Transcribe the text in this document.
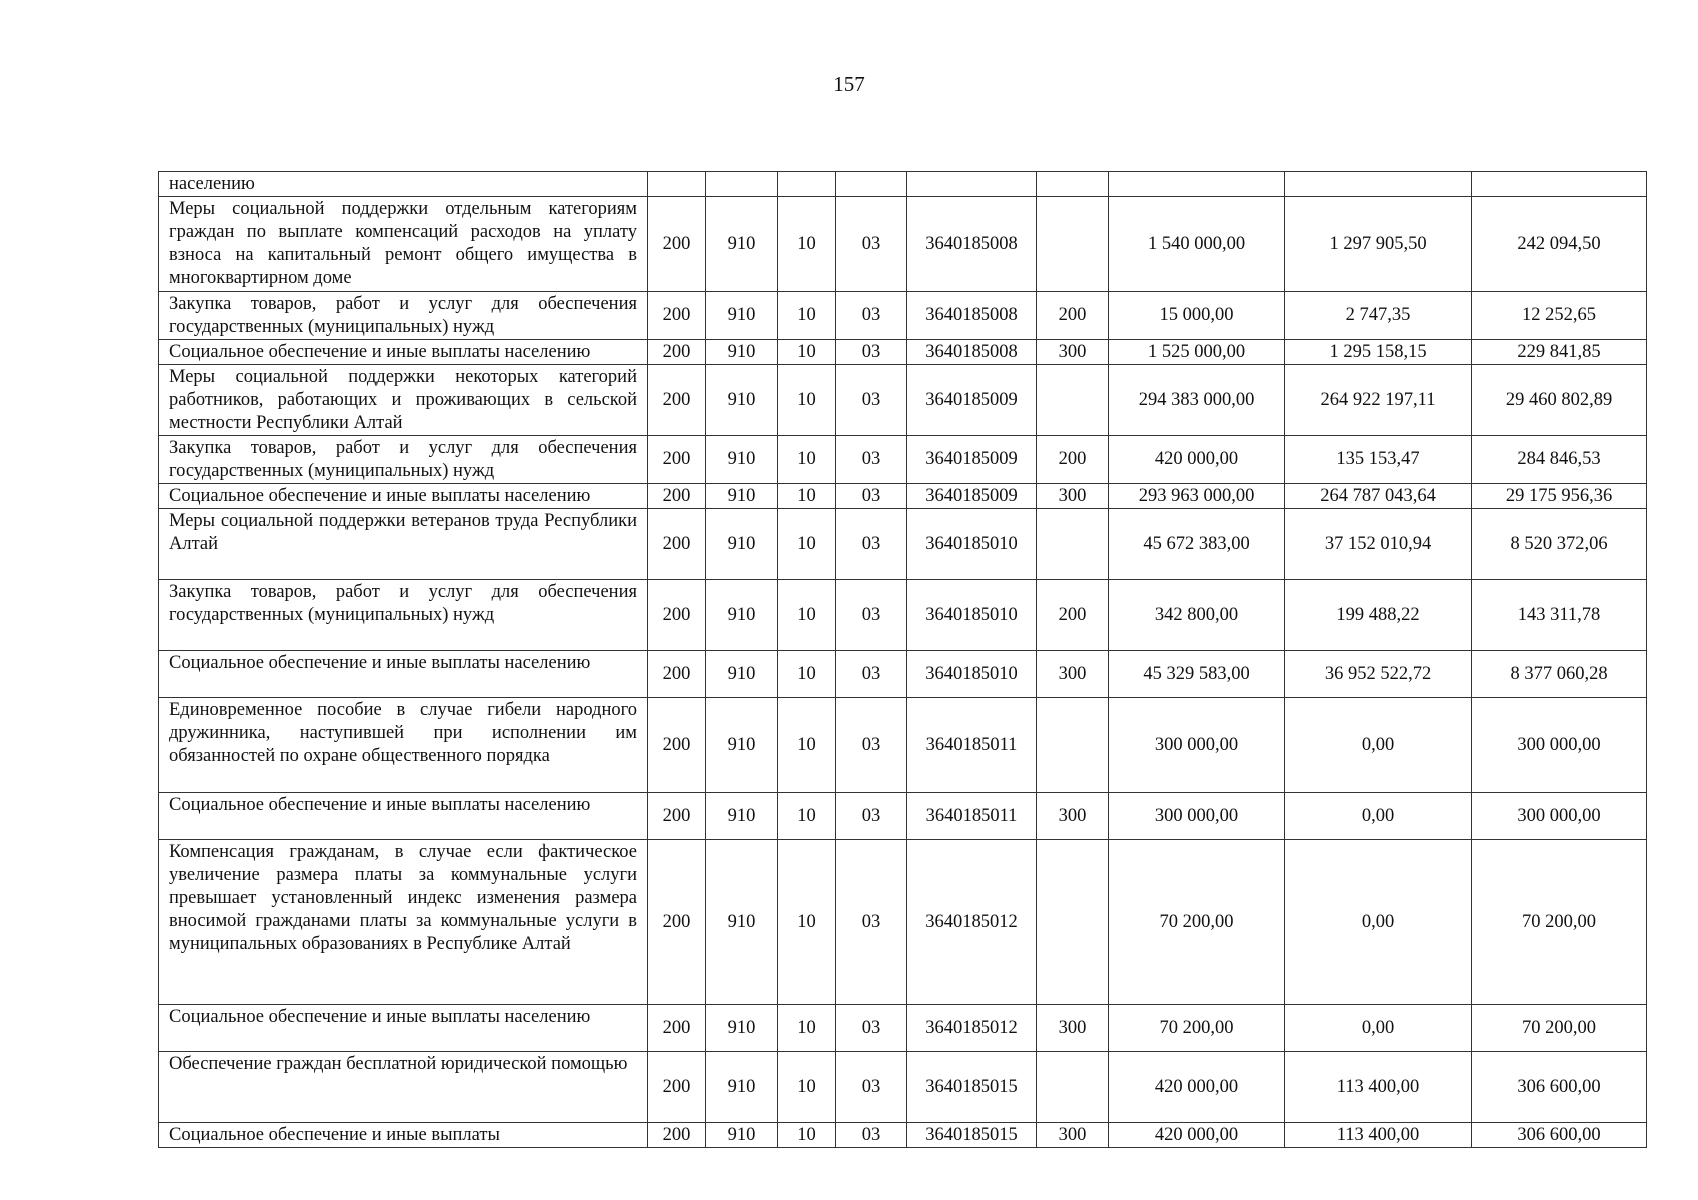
157
населению									
Меры социальной поддержки отдельным категориям граждан по выплате компенсаций расходов на уплату взноса на капитальный ремонт общего имущества в многоквартирном доме	200	910	10	03	3640185008		1 540 000,00	1 297 905,50	242 094,50
Закупка товаров, работ и услуг для обеспечения государственных (муниципальных) нужд	200	910	10	03	3640185008	200	15 000,00	2 747,35	12 252,65
Социальное обеспечение и иные выплаты населению	200	910	10	03	3640185008	300	1 525 000,00	1 295 158,15	229 841,85
Меры социальной поддержки некоторых категорий работников, работающих и проживающих в сельской местности Республики Алтай	200	910	10	03	3640185009		294 383 000,00	264 922 197,11	29 460 802,89
Закупка товаров, работ и услуг для обеспечения государственных (муниципальных) нужд	200	910	10	03	3640185009	200	420 000,00	135 153,47	284 846,53
Социальное обеспечение и иные выплаты населению	200	910	10	03	3640185009	300	293 963 000,00	264 787 043,64	29 175 956,36
Меры социальной поддержки ветеранов труда Республики Алтай	200	910	10	03	3640185010		45 672 383,00	37 152 010,94	8 520 372,06
Закупка товаров, работ и услуг для обеспечения государственных (муниципальных) нужд	200	910	10	03	3640185010	200	342 800,00	199 488,22	143 311,78
Социальное обеспечение и иные выплаты населению	200	910	10	03	3640185010	300	45 329 583,00	36 952 522,72	8 377 060,28
Единовременное пособие в случае гибели народного дружинника, наступившей при исполнении им обязанностей по охране общественного порядка	200	910	10	03	3640185011		300 000,00	0,00	300 000,00
Социальное обеспечение и иные выплаты населению	200	910	10	03	3640185011	300	300 000,00	0,00	300 000,00
Компенсация гражданам, в случае если фактическое увеличение размера платы за коммунальные услуги превышает установленный индекс изменения размера вносимой гражданами платы за коммунальные услуги в муниципальных образованиях в Республике Алтай	200	910	10	03	3640185012		70 200,00	0,00	70 200,00
Социальное обеспечение и иные выплаты населению	200	910	10	03	3640185012	300	70 200,00	0,00	70 200,00
Обеспечение граждан бесплатной юридической помощью	200	910	10	03	3640185015		420 000,00	113 400,00	306 600,00
Социальное обеспечение и иные выплаты	200	910	10	03	3640185015	300	420 000,00	113 400,00	306 600,00
